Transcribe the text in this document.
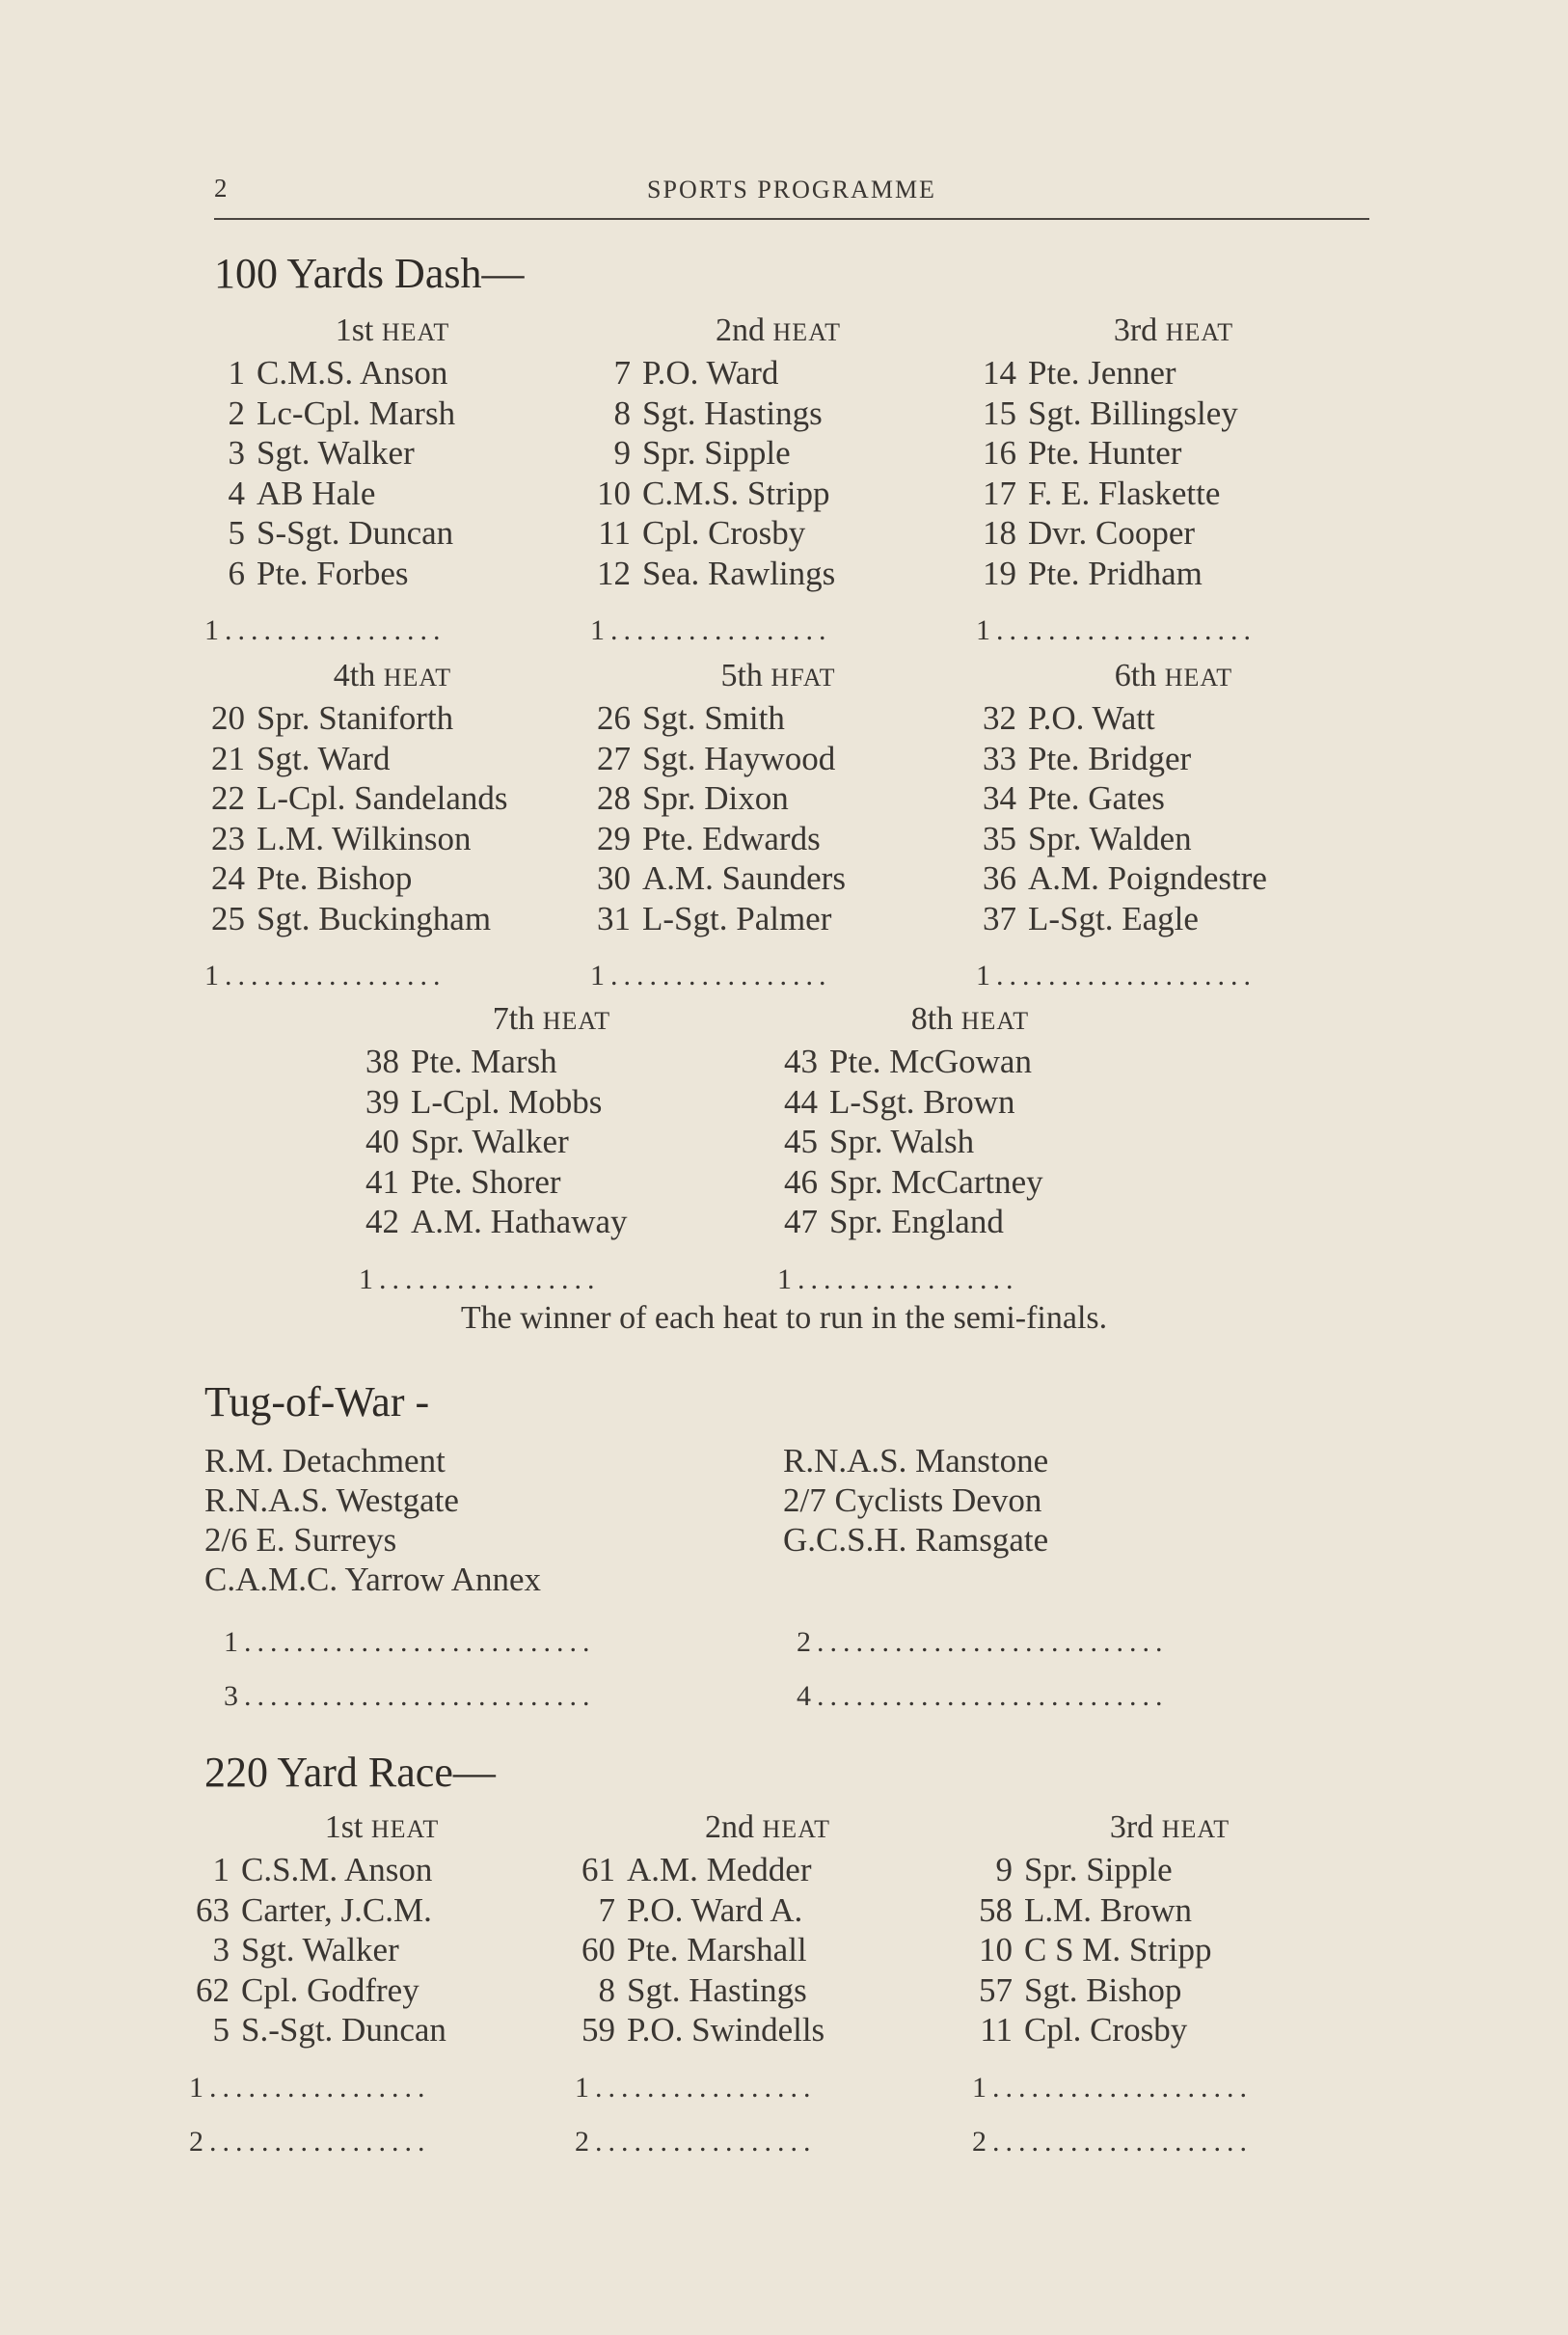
2	SPORTS PROGRAMME
100 Yards Dash—
1st HEAT
1 C.M.S. Anson
2 Lc-Cpl. Marsh
3 Sgt. Walker
4 AB Hale
5 S-Sgt. Duncan
6 Pte. Forbes
1.................
2nd HEAT
7 P.O. Ward
8 Sgt. Hastings
9 Spr. Sipple
10 C.M.S. Stripp
11 Cpl. Crosby
12 Sea. Rawlings
1.................
3rd HEAT
14 Pte. Jenner
15 Sgt. Billingsley
16 Pte. Hunter
17 F. E. Flaskette
18 Dvr. Cooper
19 Pte. Pridham
1....................
4th HEAT
20 Spr. Staniforth
21 Sgt. Ward
22 L-Cpl. Sandelands
23 L.M. Wilkinson
24 Pte. Bishop
25 Sgt. Buckingham
1.................
5th HFAT
26 Sgt. Smith
27 Sgt. Haywood
28 Spr. Dixon
29 Pte. Edwards
30 A.M. Saunders
31 L-Sgt. Palmer
1.................
6th HEAT
32 P.O. Watt
33 Pte. Bridger
34 Pte. Gates
35 Spr. Walden
36 A.M. Poigndestre
37 L-Sgt. Eagle
1....................
7th HEAT
38 Pte. Marsh
39 L-Cpl. Mobbs
40 Spr. Walker
41 Pte. Shorer
42 A.M. Hathaway
1.................
8th HEAT
43 Pte. McGowan
44 L-Sgt. Brown
45 Spr. Walsh
46 Spr. McCartney
47 Spr. England
1.................
The winner of each heat to run in the semi-finals.
Tug-of-War -
R.M. Detachment
R.N.A.S. Westgate
2/6 E. Surreys
C.A.M.C. Yarrow Annex
R.N.A.S. Manstone
2/7 Cyclists Devon
G.C.S.H. Ramsgate
1...........................	2...........................
3...........................	4...........................
220 Yard Race—
1st HEAT
1 C.S.M. Anson
63 Carter, J.C.M.
3 Sgt. Walker
62 Cpl. Godfrey
5 S.-Sgt. Duncan
1.................
2.................
2nd HEAT
61 A.M. Medder
7 P.O. Ward A.
60 Pte. Marshall
8 Sgt. Hastings
59 P.O. Swindells
1.................
2.................
3rd HEAT
9 Spr. Sipple
58 L.M. Brown
10 C S M. Stripp
57 Sgt. Bishop
11 Cpl. Crosby
1....................
2....................
